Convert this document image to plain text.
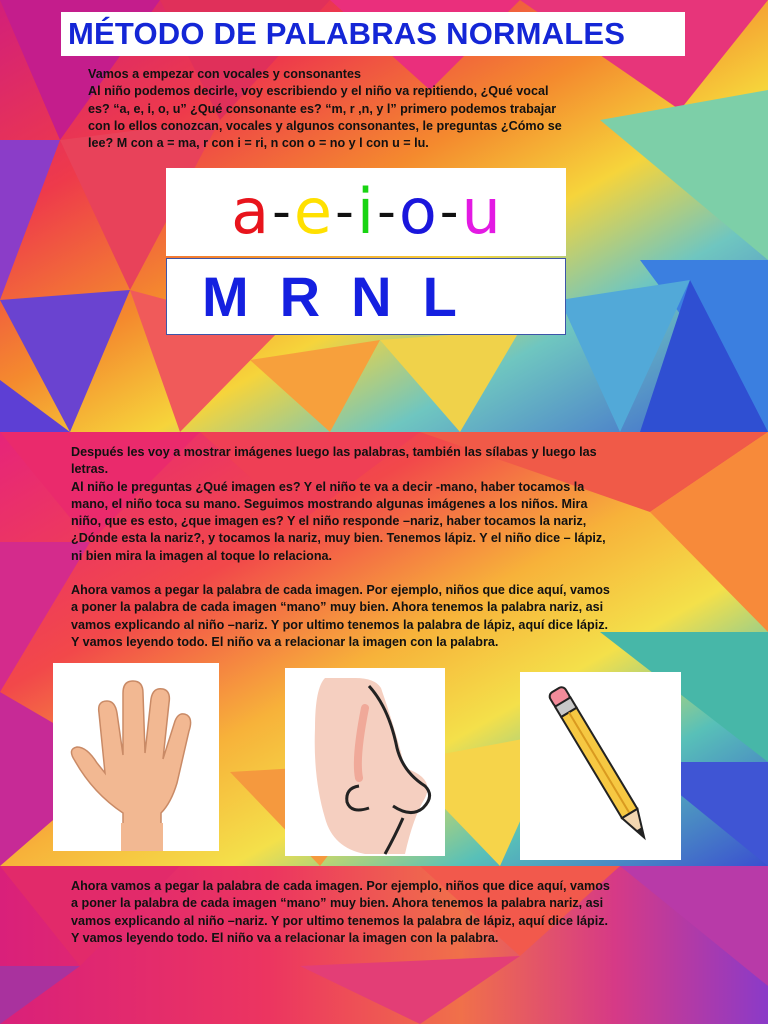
MÉTODO DE PALABRAS NORMALES

Vamos a empezar con vocales y consonantes
Al niño podemos decirle, voy escribiendo y el niño va repitiendo, ¿Qué vocal
es? “a, e, i, o, u” ¿Qué consonante es? “m, r ,n, y l” primero podemos trabajar
con lo ellos conozcan, vocales y algunos consonantes, le preguntas ¿Cómo se
lee? M con a = ma, r con i = ri, n con o = no y l con u = lu.

a - e - i - o - u
M R N L

Después les voy a mostrar imágenes luego las palabras, también las sílabas y luego las
letras.
Al niño le preguntas ¿Qué imagen es? Y el niño te va a decir -mano, haber tocamos la
mano, el niño toca su mano. Seguimos mostrando algunas imágenes a los niños. Mira
niño, que es esto, ¿que imagen es? Y el niño responde –nariz, haber tocamos la nariz,
¿Dónde esta la nariz?, y tocamos la nariz, muy bien. Tenemos lápiz. Y el niño dice – lápiz,
ni bien mira la imagen al toque lo relaciona.

Ahora vamos a pegar la palabra de cada imagen. Por ejemplo, niños que dice aquí, vamos
a poner la palabra de cada imagen “mano” muy bien. Ahora tenemos la palabra nariz, asi
vamos explicando al niño –nariz. Y por ultimo tenemos la palabra de lápiz, aquí dice lápiz.
Y vamos leyendo todo. El niño va a relacionar la imagen con la palabra.

Ahora vamos a pegar la palabra de cada imagen. Por ejemplo, niños que dice aquí, vamos
a poner la palabra de cada imagen “mano” muy bien. Ahora tenemos la palabra nariz, asi
vamos explicando al niño –nariz. Y por ultimo tenemos la palabra de lápiz, aquí dice lápiz.
Y vamos leyendo todo. El niño va a relacionar la imagen con la palabra.
